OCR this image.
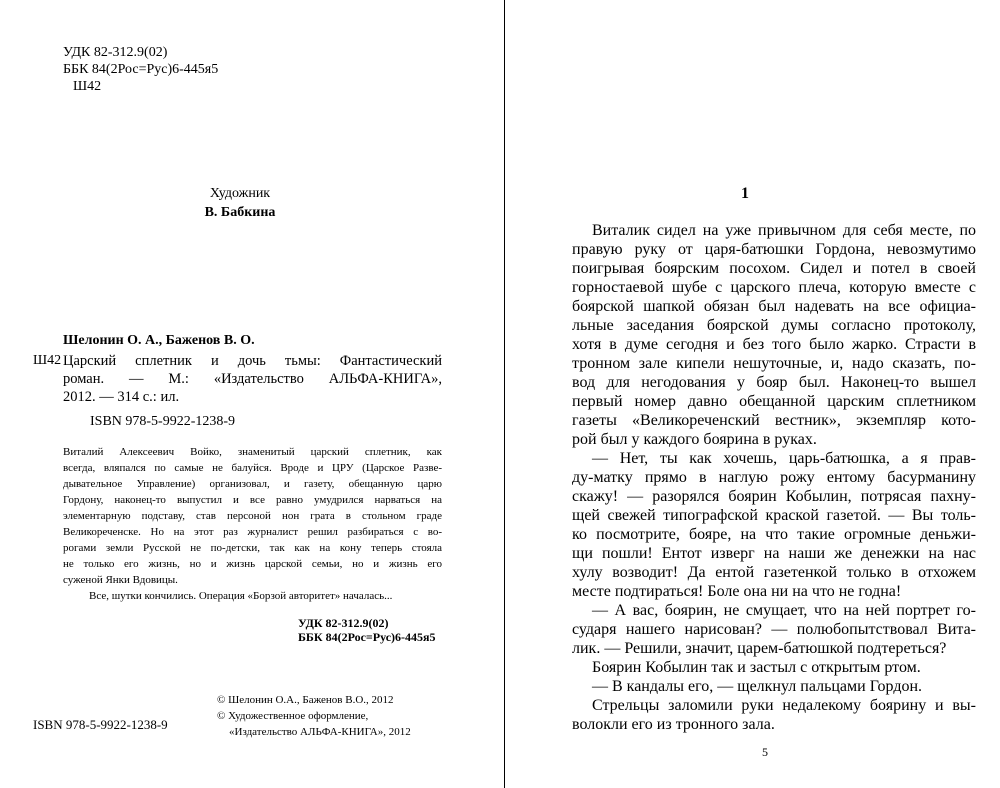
УДК 82-312.9(02)
ББК 84(2Рос=Рус)6-445я5
Ш42
Художник
В. Бабкина
Шелонин О. А., Баженов В. О.
Ш42 Царский сплетник и дочь тьмы: Фантастический
роман. — М.: «Издательство АЛЬФА-КНИГА»,
2012. — 314 с.: ил.
ISBN 978-5-9922-1238-9
Виталий Алексеевич Войко, знаменитый царский сплетник, как
всегда, вляпался по самые не балуйся. Вроде и ЦРУ (Царское Разве-
дывательное Управление) организовал, и газету, обещанную царю
Гордону, наконец-то выпустил и все равно умудрился нарваться на
элементарную подставу, став персоной нон грата в стольном граде
Великореченске. Но на этот раз журналист решил разбираться с во-
рогами земли Русской не по-детски, так как на кону теперь стояла
не только его жизнь, но и жизнь царской семьи, но и жизнь его
суженой Янки Вдовицы.
Все, шутки кончились. Операция «Борзой авторитет» началась...
УДК 82-312.9(02)
ББК 84(2Рос=Рус)6-445я5
© Шелонин О.А., Баженов В.О., 2012
© Художественное оформление,
«Издательство АЛЬФА-КНИГА», 2012
ISBN 978-5-9922-1238-9
1
Виталик сидел на уже привычном для себя месте, по
правую руку от царя-батюшки Гордона, невозмутимо
поигрывая боярским посохом. Сидел и потел в своей
горностаевой шубе с царского плеча, которую вместе с
боярской шапкой обязан был надевать на все официа-
льные заседания боярской думы согласно протоколу,
хотя в думе сегодня и без того было жарко. Страсти в
тронном зале кипели нешуточные, и, надо сказать, по-
вод для негодования у бояр был. Наконец-то вышел
первый номер давно обещанной царским сплетником
газеты «Великореченский вестник», экземпляр кото-
рой был у каждого боярина в руках.
— Нет, ты как хочешь, царь-батюшка, а я прав-
ду-матку прямо в наглую рожу ентому басурманину
скажу! — разорялся боярин Кобылин, потрясая пахну-
щей свежей типографской краской газетой. — Вы толь-
ко посмотрите, бояре, на что такие огромные деньжи-
щи пошли! Ентот изверг на наши же денежки на нас
хулу возводит! Да ентой газетенкой только в отхожем
месте подтираться! Боле она ни на что не годна!
— А вас, боярин, не смущает, что на ней портрет го-
сударя нашего нарисован? — полюбопытствовал Вита-
лик. — Решили, значит, царем-батюшкой подтереться?
Боярин Кобылин так и застыл с открытым ртом.
— В кандалы его, — щелкнул пальцами Гордон.
Стрельцы заломили руки недалекому боярину и вы-
волокли его из тронного зала.
5
